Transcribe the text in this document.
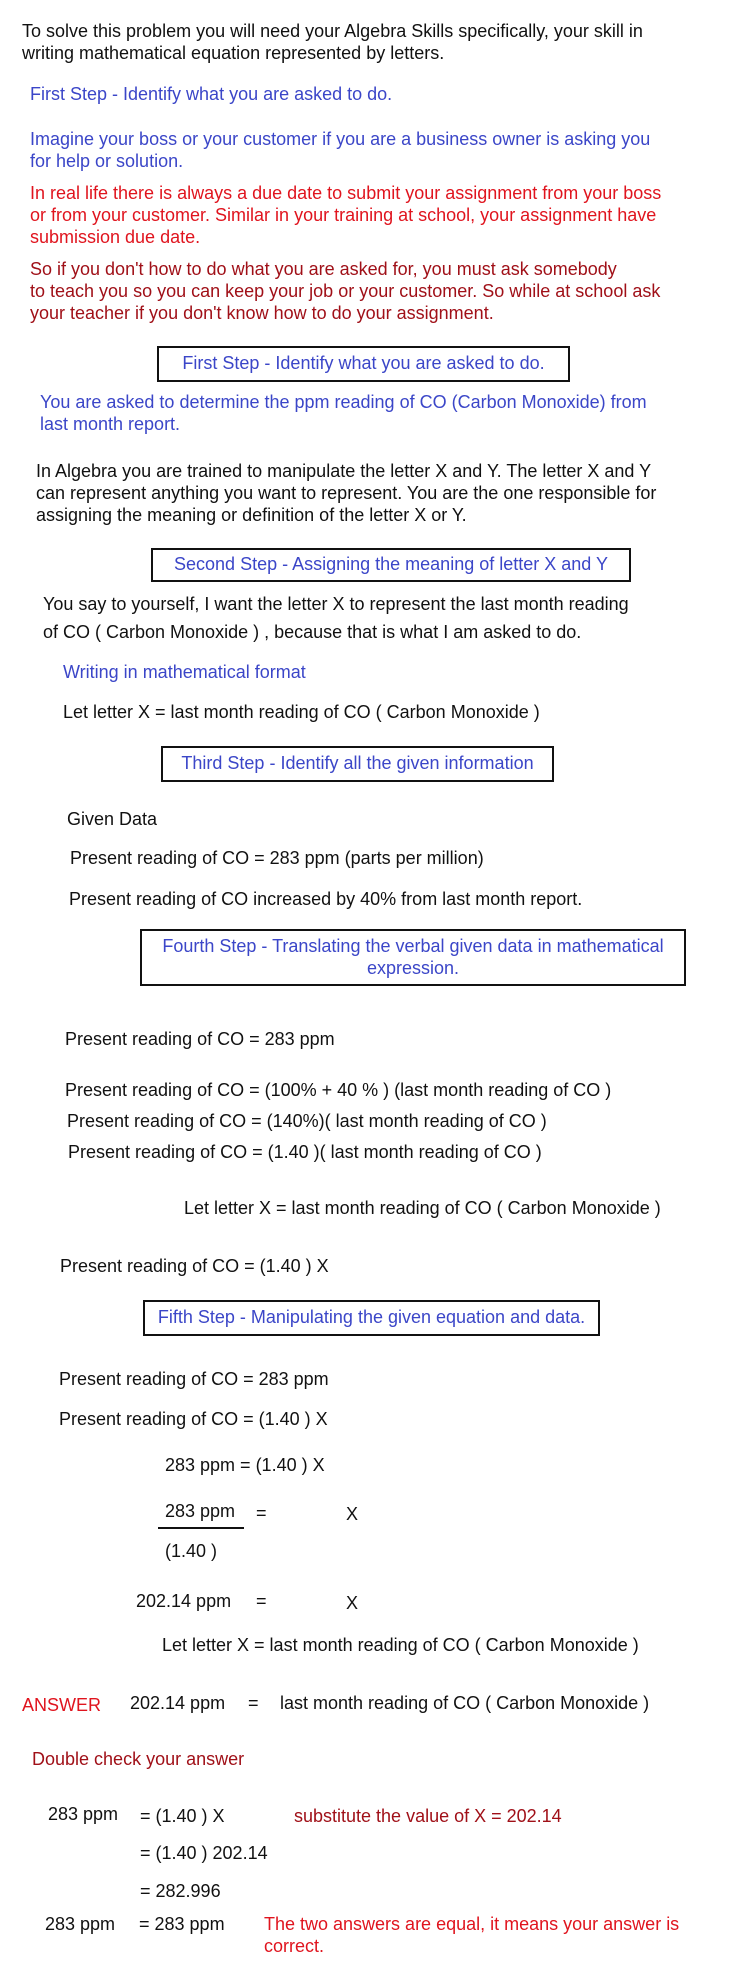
To solve this problem you will need your Algebra Skills specifically, your skill in
writing mathematical equation represented by letters.
First Step - Identify what you are asked to do.
Imagine your boss or your customer if you are a business owner is asking you
for help or solution.
In real life there is always a due date to submit your assignment from your boss
or from your customer. Similar in your training at school, your assignment have
submission due date.
So if you don't how to do what you are asked for, you must ask somebody
to teach you so you can keep your job or your customer. So while at school ask
your teacher if you don't know how to do your assignment.
First Step - Identify what you are asked to do.
You are asked to determine the ppm reading of CO (Carbon Monoxide) from
last month report.
In Algebra you are trained to manipulate the letter X and Y. The letter X and Y
can represent anything you want to represent. You are the one responsible for
assigning the meaning or definition of the letter X or Y.
Second Step - Assigning the meaning of letter X and Y
You say to yourself, I want the letter X to represent the last month reading
of CO ( Carbon Monoxide ) , because that is what I am asked to do.
Writing in mathematical format
Let letter X = last month reading of CO ( Carbon Monoxide )
Third Step - Identify all the given information
Given Data
Present reading of CO = 283 ppm (parts per million)
Present reading of CO increased by 40% from last month report.
Fourth Step - Translating the verbal given data in mathematical
expression.
Present reading of CO = 283 ppm
Present reading of CO = (100% + 40 % ) (last month reading of CO )
Present reading of CO = (140%)( last month reading of CO )
Present reading of CO = (1.40 )( last month reading of CO )
Let letter X = last month reading of CO ( Carbon Monoxide )
Present reading of CO = (1.40 ) X
Fifth Step - Manipulating the given equation and data.
Present reading of CO = 283 ppm
Present reading of CO = (1.40 ) X
283 ppm = (1.40 ) X
283 ppm =	X
(1.40 )
202.14 ppm =	X
Let letter X = last month reading of CO ( Carbon Monoxide )
ANSWER 202.14 ppm = last month reading of CO ( Carbon Monoxide )
Double check your answer
283 ppm = (1.40 ) X	substitute the value of X = 202.14
= (1.40 ) 202.14
= 282.996
283 ppm = 283 ppm The two answers are equal, it means your answer is
correct.
